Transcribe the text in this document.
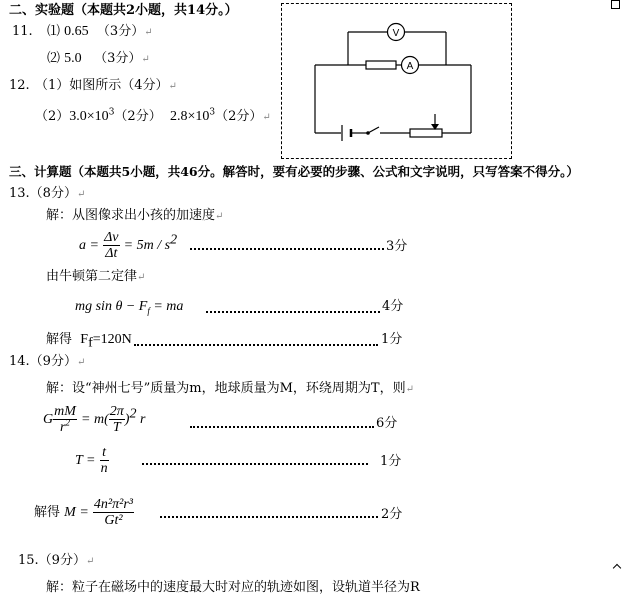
二、实验题（本题共2小题，共14分。）
11. ⑴ 0.65 （3分）↵
⑵ 5.0 （3分）↵
12. （1）如图所示（4分）↵
$(2)3.0\times 10^3(2$分） $2.8\times 10^3(2$分）↵
V
A
三、计算题（本题共5小题，共46分。解答时，要有必要的步骤、公式和文字说明，只写答案不得分。）
13.（8分）↵
解：从图像求出小孩的加速度↵
$a = \frac{\Delta v}{\Delta t} = 5m / s^2$	3分
由牛顿第二定律↵
mg $\sin \theta - F_f$ = ma	4分
解得 $F_f=120N$	1分
14.（9分）↵
解：设“神州七号”质量为m，地球质量为M，环绕周期为T，则↵
G $\frac{mM}{r^2} = m( \frac{2\pi}{T} )^2$ r	6分
$T = \frac{t}{n}$	1分
解得 $M = \frac{\text{4n²π²r³}}{\text{Gt²}}$	2分
15.（9分）↵
解：粒子在磁场中的速度最大时对应的轨迹如图，设轨道半径为R
